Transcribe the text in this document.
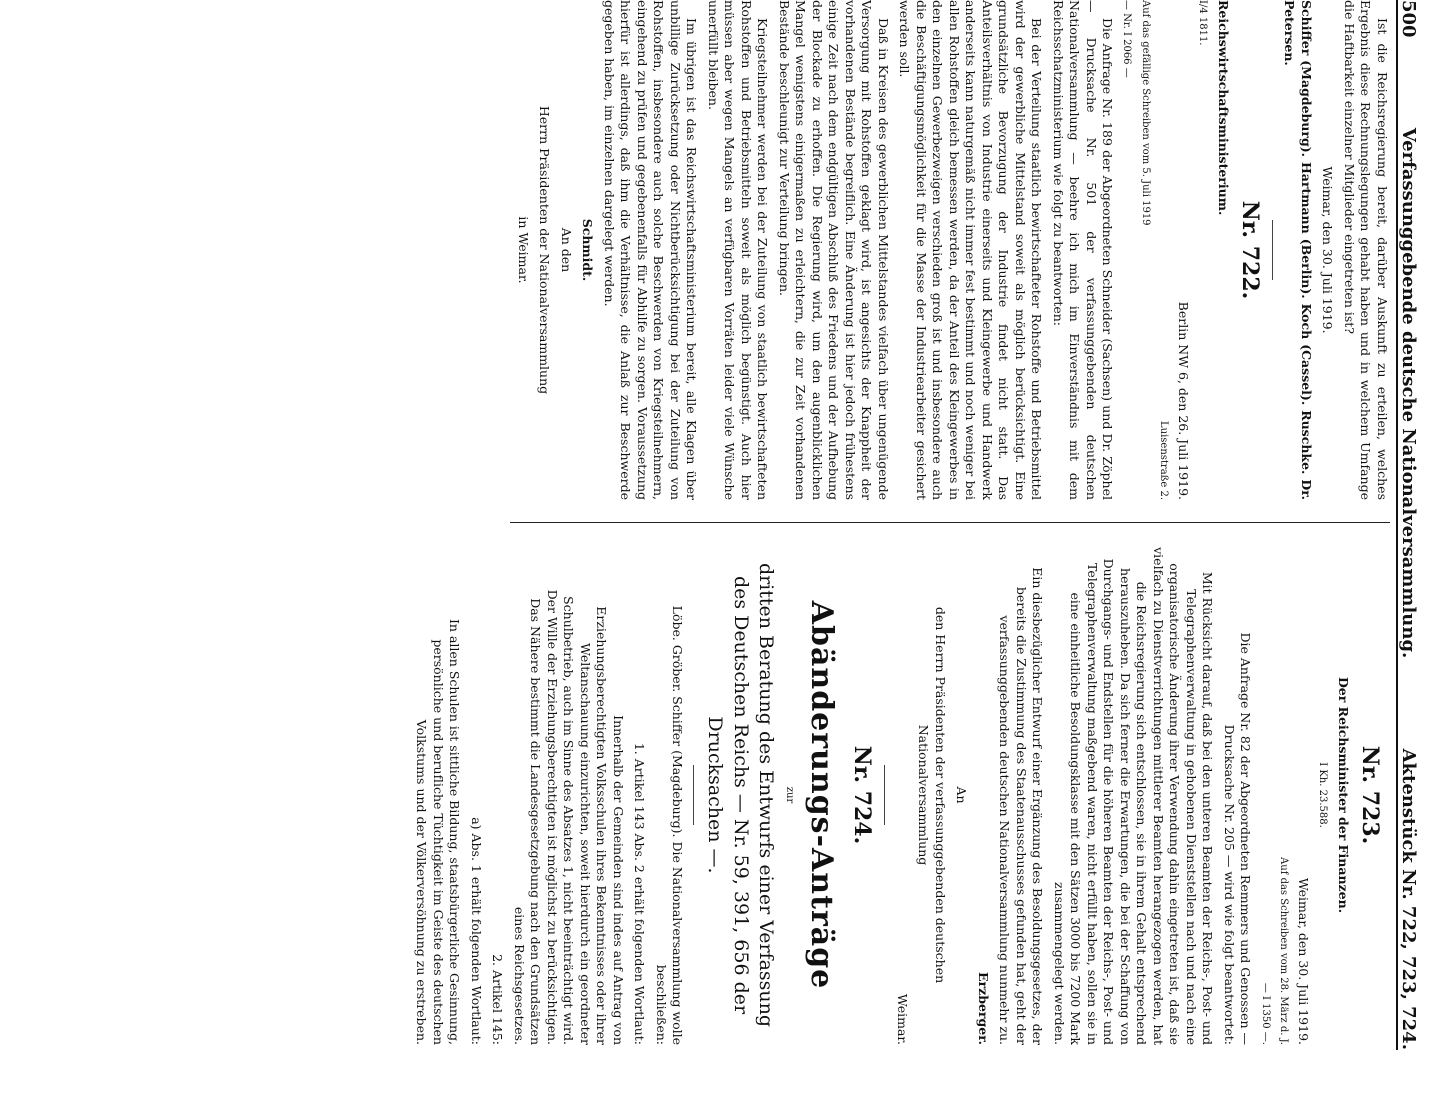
500
Verfassunggebende deutsche Nationalversammlung.
Aktenstück Nr. 722, 723, 724.

Ist die Reichsregierung bereit, darüber Auskunft zu erteilen, welches Ergebnis diese Rechnungslegungen gehabt haben und in welchem Umfange die Haftbarkeit einzelner Mitglieder eingetreten ist?

Weimar, den 30. Juli 1919.

Schiffer (Magdeburg). Hartmann (Berlin). Koch (Cassel). Ruschke. Dr. Petersen.

Nr. 722.

Reichswirtschaftsministerium.

I/4 1811.

Berlin NW 6, den 26. Juli 1919.

Luisenstraße 2.

Auf das gefällige Schreiben vom 5. Juli 1919

— Nr. I 2066 —

Die Anfrage Nr. 189 der Abgeordneten Schneider (Sachsen) und Dr. Zöphel — Drucksache Nr. 501 der verfassunggebenden deutschen Nationalversammlung — beehre ich mich im Einverständnis mit dem Reichsschatzministerium wie folgt zu beantworten:

Bei der Verteilung staatlich bewirtschafteter Rohstoffe und Betriebsmittel wird der gewerbliche Mittelstand soweit als möglich berücksichtigt. Eine grundsätzliche Bevorzugung der Industrie findet nicht statt. Das Anteilsverhältnis von Industrie einerseits und Kleingewerbe und Handwerk anderseits kann naturgemäß nicht immer fest bestimmt und noch weniger bei allen Rohstoffen gleich bemessen werden, da der Anteil des Kleingewerbes in den einzelnen Gewerbezweigen verschieden groß ist und insbesondere auch die Beschäftigungsmöglichkeit für die Masse der Industriearbeiter gesichert werden soll.

Daß in Kreisen des gewerblichen Mittelstandes vielfach über ungenügende Versorgung mit Rohstoffen geklagt wird, ist angesichts der Knappheit der vorhandenen Bestände begreiflich. Eine Änderung ist hier jedoch frühestens einige Zeit nach dem endgültigen Abschluß des Friedens und der Aufhebung der Blockade zu erhoffen. Die Regierung wird, um den augenblicklichen Mangel wenigstens einigermaßen zu erleichtern, die zur Zeit vorhandenen Bestände beschleunigt zur Verteilung bringen.

Kriegsteilnehmer werden bei der Zuteilung von staatlich bewirtschafteten Rohstoffen und Betriebsmitteln soweit als möglich begünstigt. Auch hier müssen aber wegen Mangels an verfügbaren Vorräten leider viele Wünsche unerfüllt bleiben.

Im übrigen ist das Reichswirtschaftsministerium bereit, alle Klagen über unbillige Zurücksetzung oder Nichtberücksichtigung bei der Zuteilung von Rohstoffen, insbesondere auch solche Beschwerden von Kriegsteilnehmern, eingehend zu prüfen und gegebenenfalls für Abhilfe zu sorgen. Voraussetzung hierfür ist allerdings, daß ihm die Verhältnisse, die Anlaß zur Beschwerde gegeben haben, im einzelnen dargelegt werden.

Schmidt.

An den

Herrn Präsidenten der Nationalversammlung

in Weimar.

Nr. 723.

Der Reichsminister der Finanzen.

I Kh. 23.588.

Weimar, den 30. Juli 1919.

Auf das Schreiben vom 28. März d. J.

— I 1350 —.

Die Anfrage Nr. 82 der Abgeordneten Remmers und Genossen — Drucksache Nr. 205 — wird wie folgt beantwortet:

Mit Rücksicht darauf, daß bei den unteren Beamten der Reichs-, Post- und Telegraphenverwaltung in gehobenen Dienststellen nach und nach eine organisatorische Änderung ihrer Verwendung dahin eingetreten ist, daß sie vielfach zu Dienstverrichtungen mittlerer Beamten herangezogen werden, hat die Reichsregierung sich entschlossen, sie in ihrem Gehalt entsprechend herauszuheben. Da sich ferner die Erwartungen, die bei der Schaffung von Durchgangs- und Endstellen für die höheren Beamten der Reichs-, Post- und Telegraphenverwaltung maßgebend waren, nicht erfüllt haben, sollen sie in eine einheitliche Besoldungsklasse mit den Sätzen 3000 bis 7200 Mark zusammengelegt werden.

Ein diesbezüglicher Entwurf einer Ergänzung des Besoldungsgesetzes, der bereits die Zustimmung des Staatenausschusses gefunden hat, geht der verfassunggebenden deutschen Nationalversammlung nunmehr zu.

Erzberger.

An

den Herrn Präsidenten der verfassunggebenden deutschen Nationalversammlung

Weimar.

Nr. 724.
Abänderungs-Anträge

zur

dritten Beratung des Entwurfs einer Verfassung des Deutschen Reichs — Nr. 59, 391, 656 der Drucksachen —.

Löbe. Gröber. Schiffer (Magdeburg). Die Nationalversammlung wolle beschließen:

1. Artikel 143 Abs. 2 erhält folgenden Wortlaut:

Innerhalb der Gemeinden sind indes auf Antrag von Erziehungsberechtigten Volksschulen ihres Bekenntnisses oder ihrer Weltanschauung einzurichten, soweit hierdurch ein geordneter Schulbetrieb, auch im Sinne des Absatzes 1, nicht beeinträchtigt wird. Der Wille der Erziehungsberechtigten ist möglichst zu berücksichtigen. Das Nähere bestimmt die Landesgesetzgebung nach den Grundsätzen eines Reichsgesetzes.

2. Artikel 145:

a) Abs. 1 erhält folgenden Wortlaut:

In allen Schulen ist sittliche Bildung, staatsbürgerliche Gesinnung, persönliche und berufliche Tüchtigkeit im Geiste des deutschen Volkstums und der Völkerversöhnung zu erstreben.
